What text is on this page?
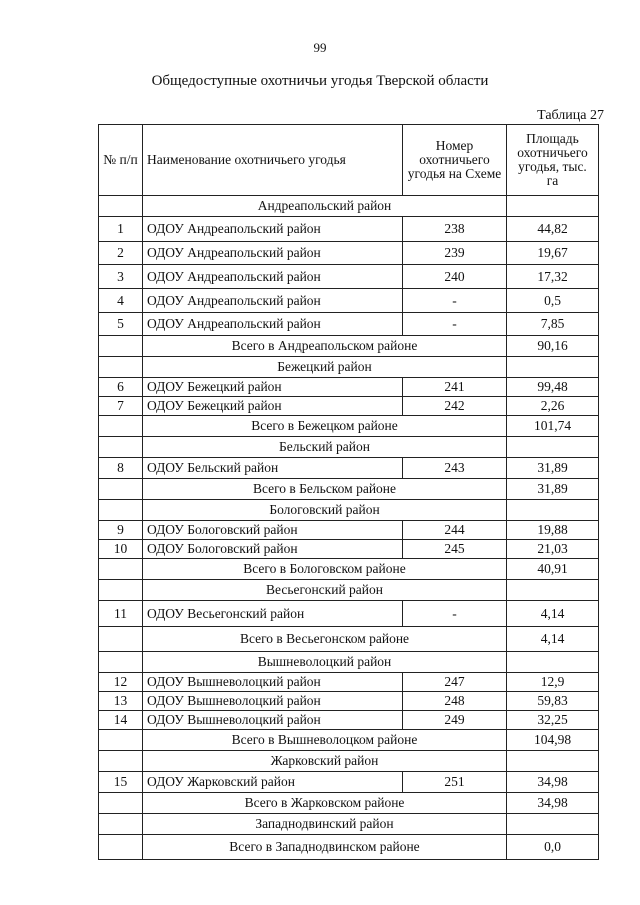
99
Общедоступные охотничьи угодья Тверской области
Таблица 27
№ п/п	Наименование охотничьего угодья	Номер охотничьего угодья на Схеме	Площадь охотничьего угодья, тыс. га
	Андреапольский район		
1	ОДОУ Андреапольский район	238	44,82
2	ОДОУ Андреапольский район	239	19,67
3	ОДОУ Андреапольский район	240	17,32
4	ОДОУ Андреапольский район	-	0,5
5	ОДОУ Андреапольский район	-	7,85
	Всего в Андреапольском районе		90,16
	Бежецкий район		
6	ОДОУ Бежецкий район	241	99,48
7	ОДОУ Бежецкий район	242	2,26
	Всего в Бежецком районе		101,74
	Бельский район		
8	ОДОУ Бельский район	243	31,89
	Всего в Бельском районе		31,89
	Бологовский район		
9	ОДОУ Бологовский район	244	19,88
10	ОДОУ Бологовский район	245	21,03
	Всего в Бологовском районе		40,91
	Весьегонский район		
11	ОДОУ Весьегонский район	-	4,14
	Всего в Весьегонском районе		4,14
	Вышневолоцкий район		
12	ОДОУ Вышневолоцкий район	247	12,9
13	ОДОУ Вышневолоцкий район	248	59,83
14	ОДОУ Вышневолоцкий район	249	32,25
	Всего в Вышневолоцком районе		104,98
	Жарковский район		
15	ОДОУ Жарковский район	251	34,98
	Всего в Жарковском районе		34,98
	Западнодвинский район		
	Всего в Западнодвинском районе		0,0
